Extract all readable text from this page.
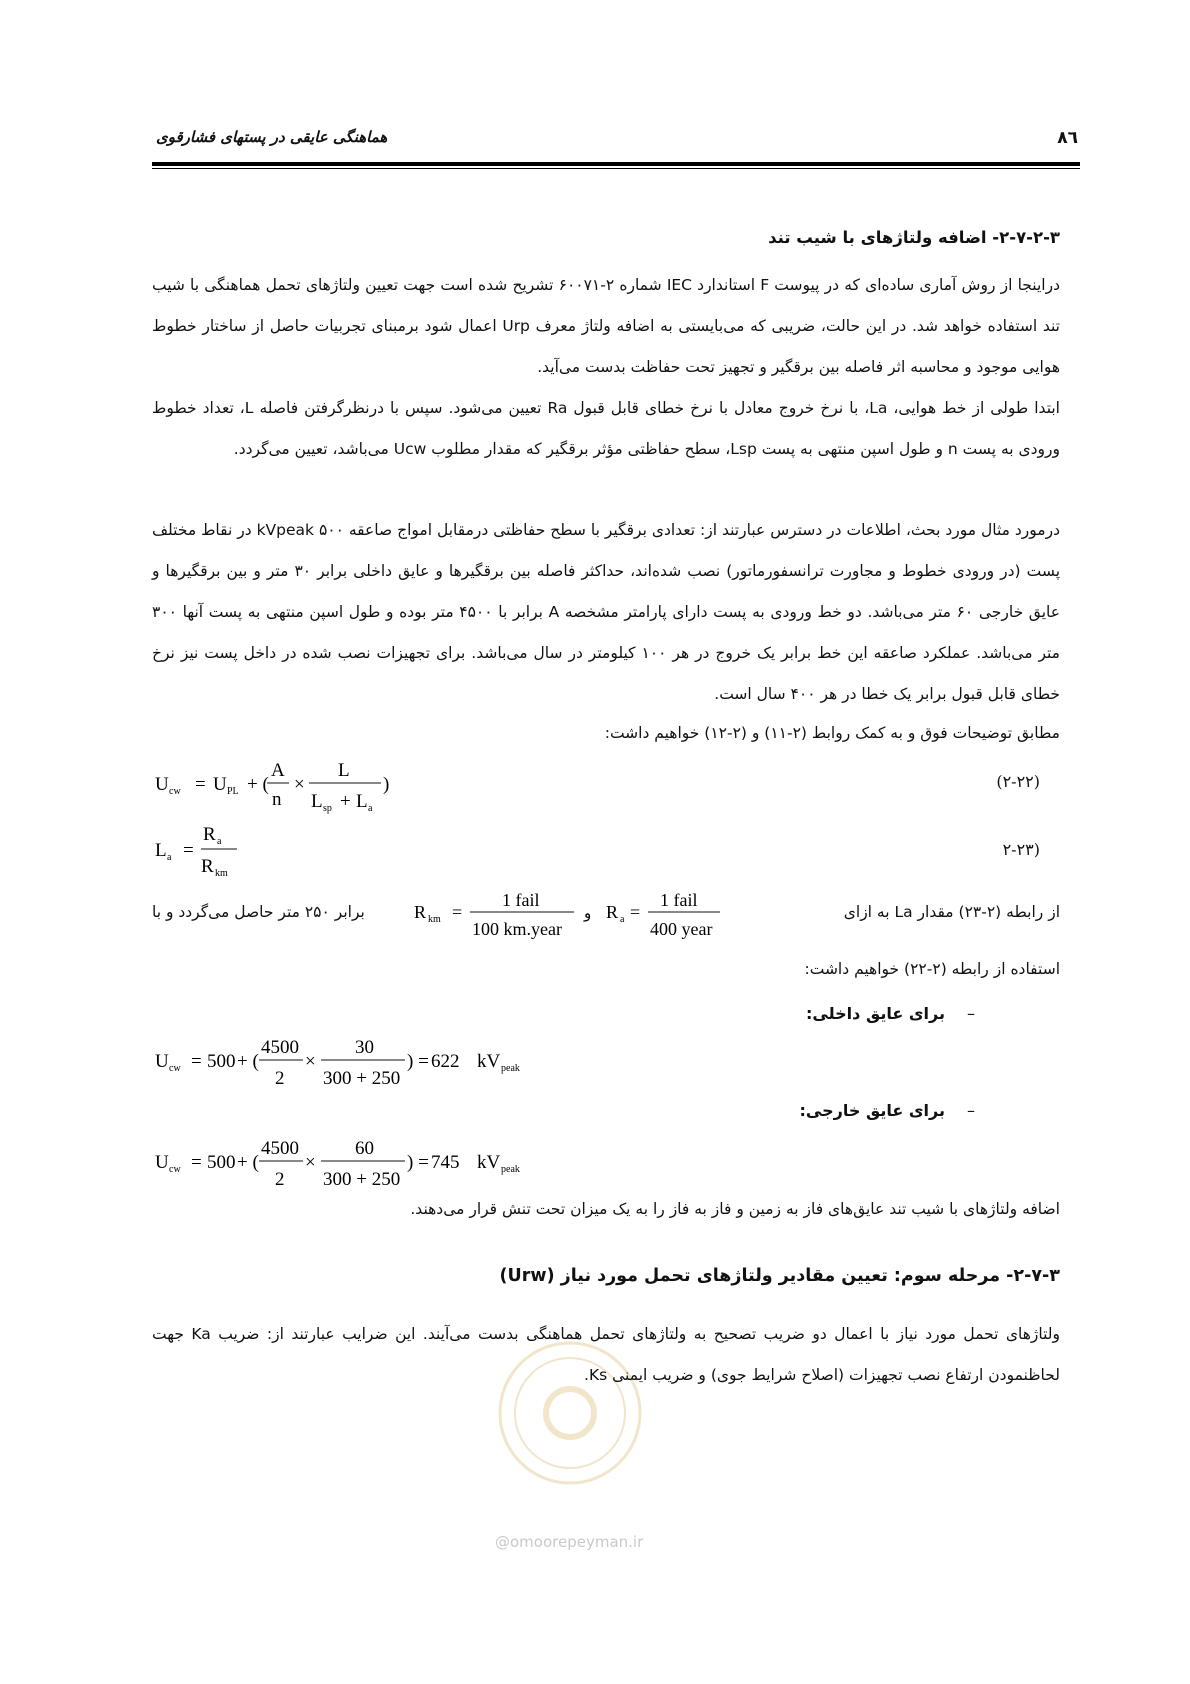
۸٦
هماهنگی عایقی در پستهای فشارقوی
۲-۷-۲-۳- اضافه ولتاژهای با شیب تند
دراینجا از روش آماری ساده‌ای که در پیوست F استاندارد IEC شماره ۲-۶۰۰۷۱ تشریح شده است جهت تعیین ولتاژهای تحمل هماهنگی با شیب تند استفاده خواهد شد. در این حالت، ضریبی که می‌بایستی به اضافه ولتاژ معرف Urp اعمال شود برمبنای تجربیات حاصل از ساختار خطوط هوایی موجود و محاسبه اثر فاصله بین برقگیر و تجهیز تحت حفاظت بدست می‌آید.
ابتدا طولی از خط هوایی، La، با نرخ خروج معادل با نرخ خطای قابل قبول Ra تعیین می‌شود. سپس با درنظرگرفتن فاصله L، تعداد خطوط ورودی به پست n و طول اسپن منتهی به پست Lsp، سطح حفاظتی مؤثر برقگیر که مقدار مطلوب Ucw می‌باشد، تعیین می‌گردد.
درمورد مثال مورد بحث، اطلاعات در دسترس عبارتند از: تعدادی برقگیر با سطح حفاظتی درمقابل امواج صاعقه ۵۰۰ kVpeak در نقاط مختلف پست (در ورودی خطوط و مجاورت ترانسفورماتور) نصب شده‌اند، حداکثر فاصله بین برقگیرها و عایق داخلی برابر ۳۰ متر و بین برقگیرها و عایق خارجی ۶۰ متر می‌باشد. دو خط ورودی به پست دارای پارامتر مشخصه A برابر با ۴۵۰۰ متر بوده و طول اسپن منتهی به پست آنها ۳۰۰ متر می‌باشد. عملکرد صاعقه این خط برابر یک خروج در هر ۱۰۰ کیلومتر در سال می‌باشد. برای تجهیزات نصب شده در داخل پست نیز نرخ خطای قابل قبول برابر یک خطا در هر ۴۰۰ سال است.
مطابق توضیحات فوق و به کمک روابط (۲-۱۱) و (۲-۱۲) خواهیم داشت:
U cw = U PL + (
A
n
×
L
L sp + L a
)	(۲-۲۲)
L a =
R a
R km
(۲-۲۳
از رابطه (۲-۲۳) مقدار La به ازای
R km =
1 fail
100 km.year
و R a =
1 fail
400 year
برابر ۲۵۰ متر حاصل می‌گردد و با
استفاده از رابطه (۲-۲۲) خواهیم داشت:
–برای عایق داخلی:
U cw = 500 + (
4500
2
×
30
300 + 250
) = 622 kV peak
–برای عایق خارجی:
U cw = 500 + (
4500
2
×
60
300 + 250
) = 745 kV peak
اضافه ولتاژهای با شیب تند عایق‌های فاز به زمین و فاز به فاز را به یک میزان تحت تنش قرار می‌دهند.
۲-۷-۳- مرحله سوم: تعیین مقادیر ولتاژهای تحمل مورد نیاز (Urw)
ولتاژهای تحمل مورد نیاز با اعمال دو ضریب تصحیح به ولتاژهای تحمل هماهنگی بدست می‌آیند. این ضرایب عبارتند از: ضریب Ka جهت لحاظنمودن ارتفاع نصب تجهیزات (اصلاح شرایط جوی) و ضریب ایمنی Ks.
@omoorepeyman.ir
